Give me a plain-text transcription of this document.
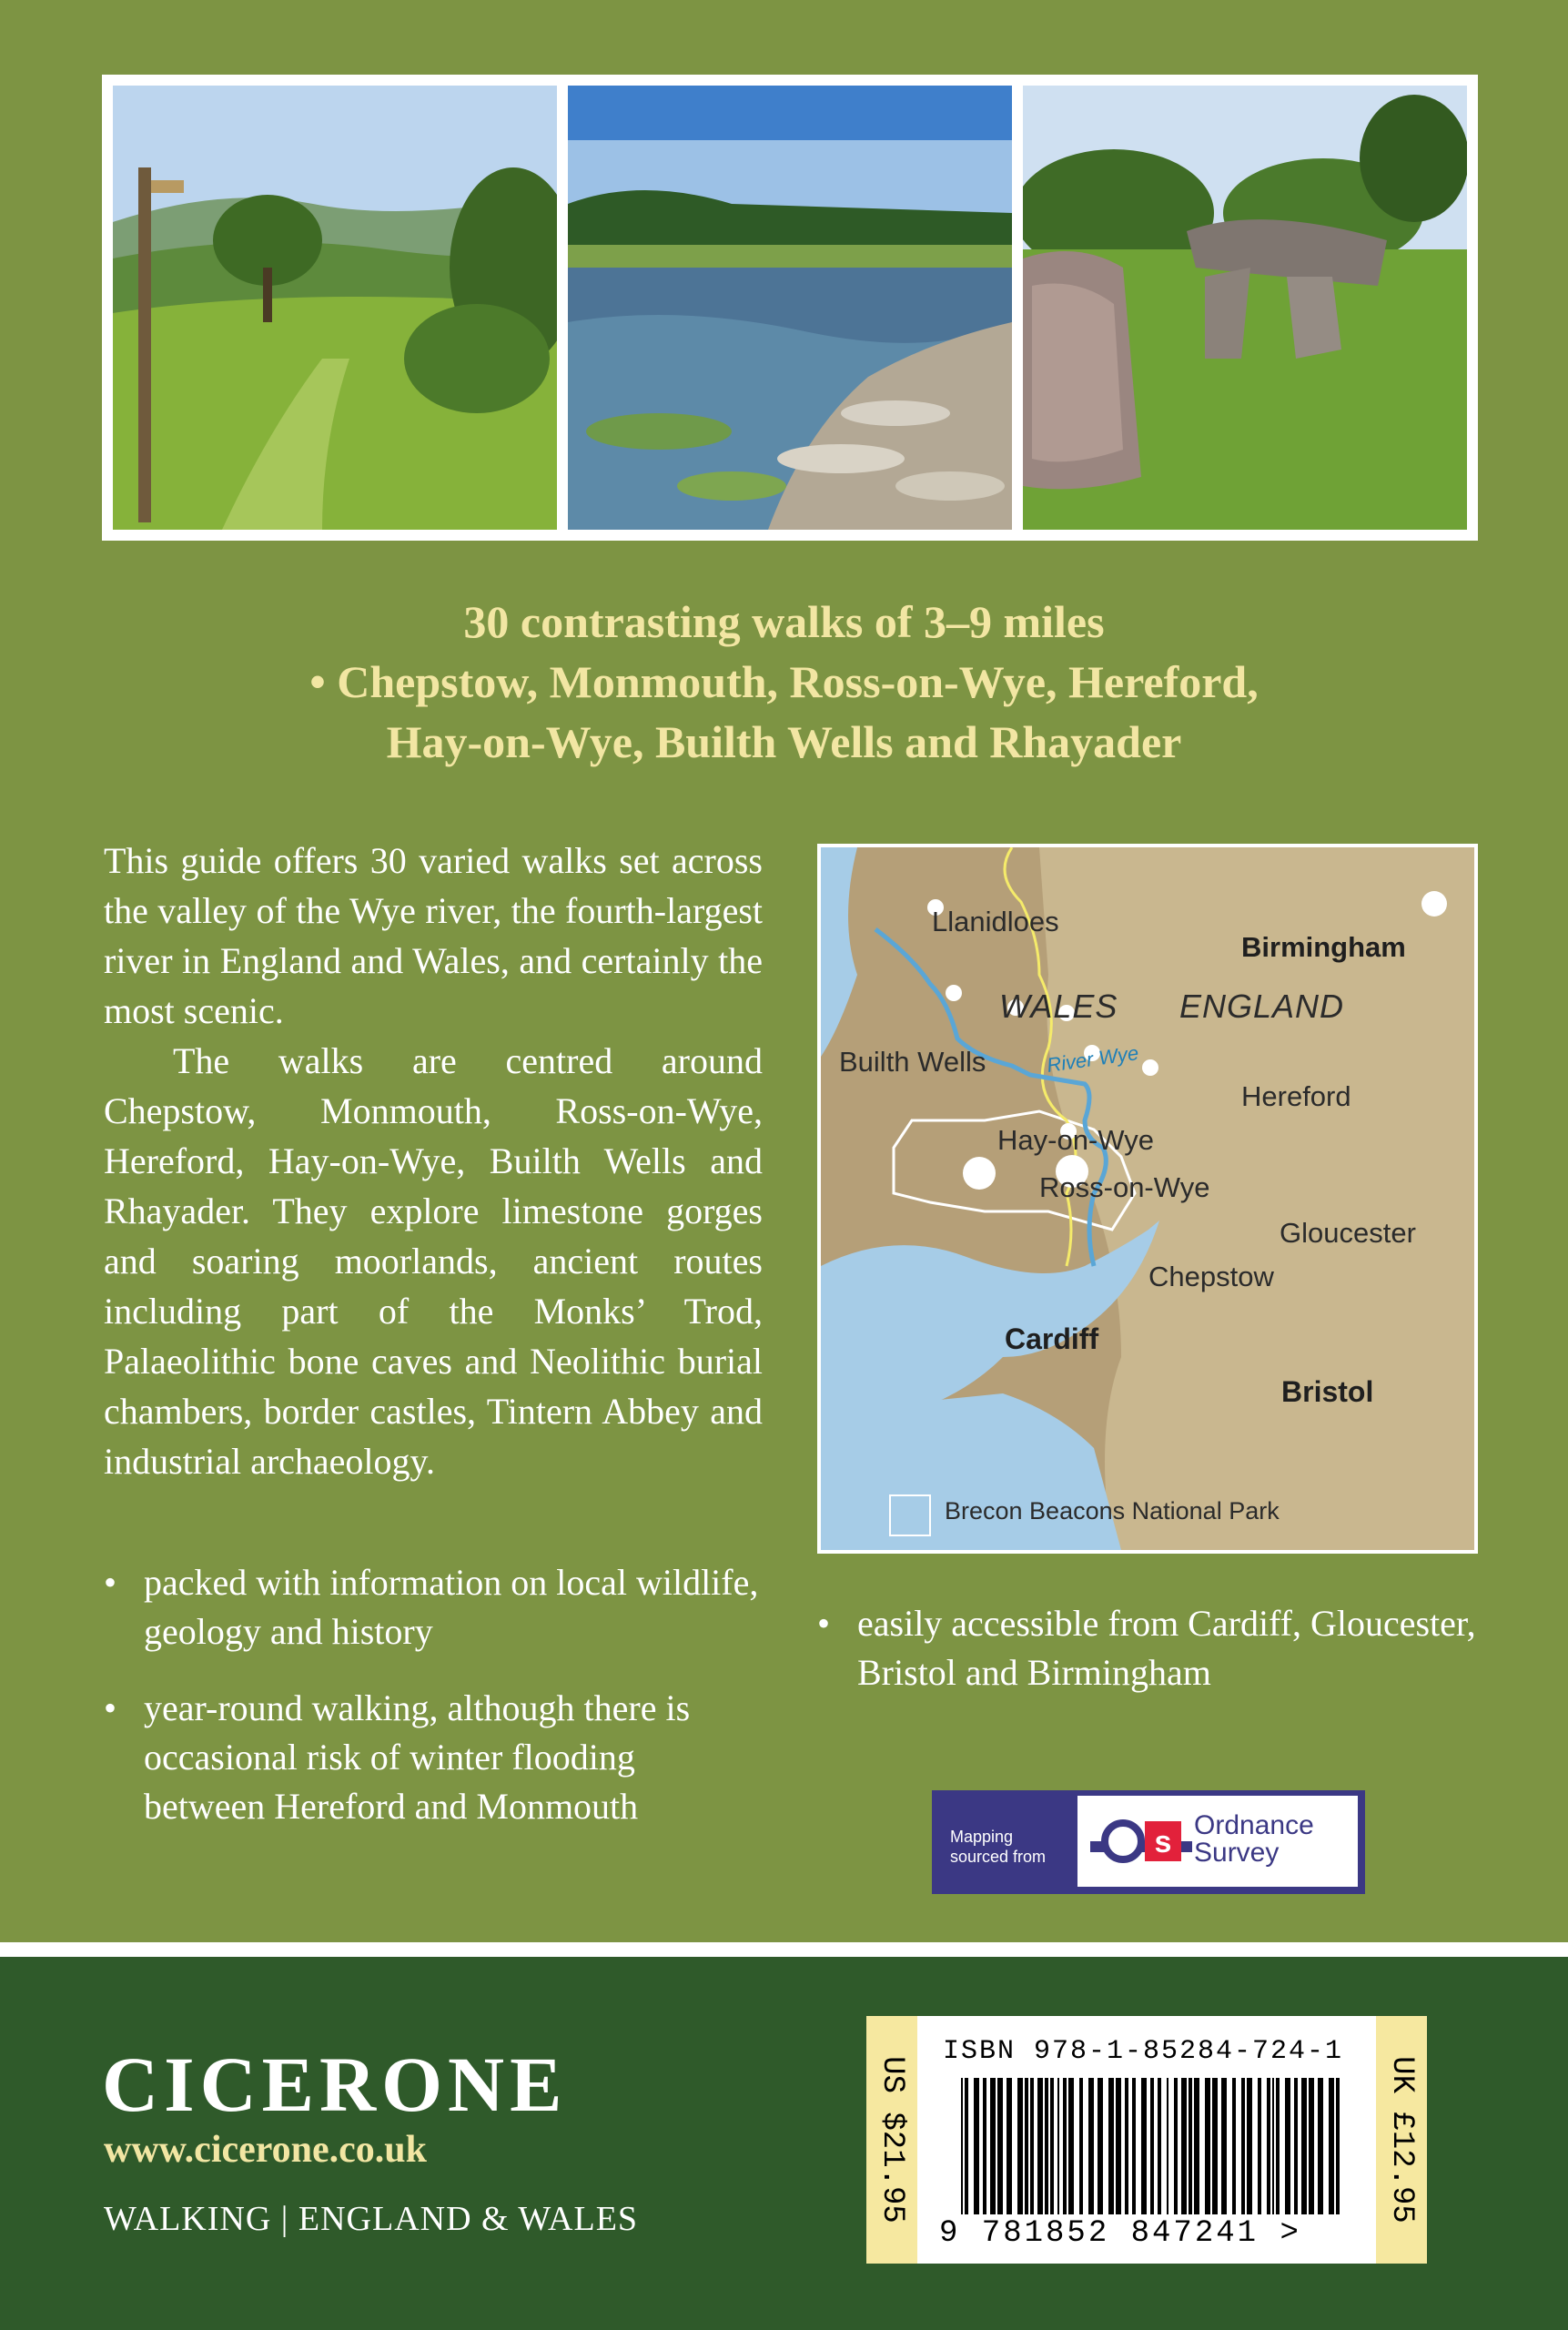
30 contrasting walks of 3–9 miles
• Chepstow, Monmouth, Ross-on-Wye, Hereford,
Hay-on-Wye, Builth Wells and Rhayader

This guide offers 30 varied walks set across the valley of the Wye river, the fourth-largest river in England and Wales, and certainly the most scenic.

The walks are centred around Chepstow, Monmouth, Ross-on-Wye, Hereford, Hay-on-Wye, Builth Wells and Rhayader. They explore limestone gorges and soaring moorlands, ancient routes including part of the Monks’ Trod, Palaeolithic bone caves and Neolithic burial chambers, border castles, Tintern Abbey and industrial archaeology.

• packed with information on local wildlife, geology and history
• year-round walking, although there is occasional risk of winter flooding between Hereford and Monmouth
Llanidloes
Birmingham
WALES ENGLAND
Builth Wells	River Wye
Hereford
Hay-on-Wye
Ross-on-Wye
Gloucester
Chepstow
Cardiff
Bristol
Brecon Beacons National Park
• easily accessible from Cardiff, Gloucester, Bristol and Birmingham
Mapping
sourced from	s Ordnance
Survey
CICERONE
www.cicerone.co.uk
WALKING | ENGLAND & WALES	US $21.95	UK £12.95
ISBN 978-1-85284-724-1
9 781852 847241 >
